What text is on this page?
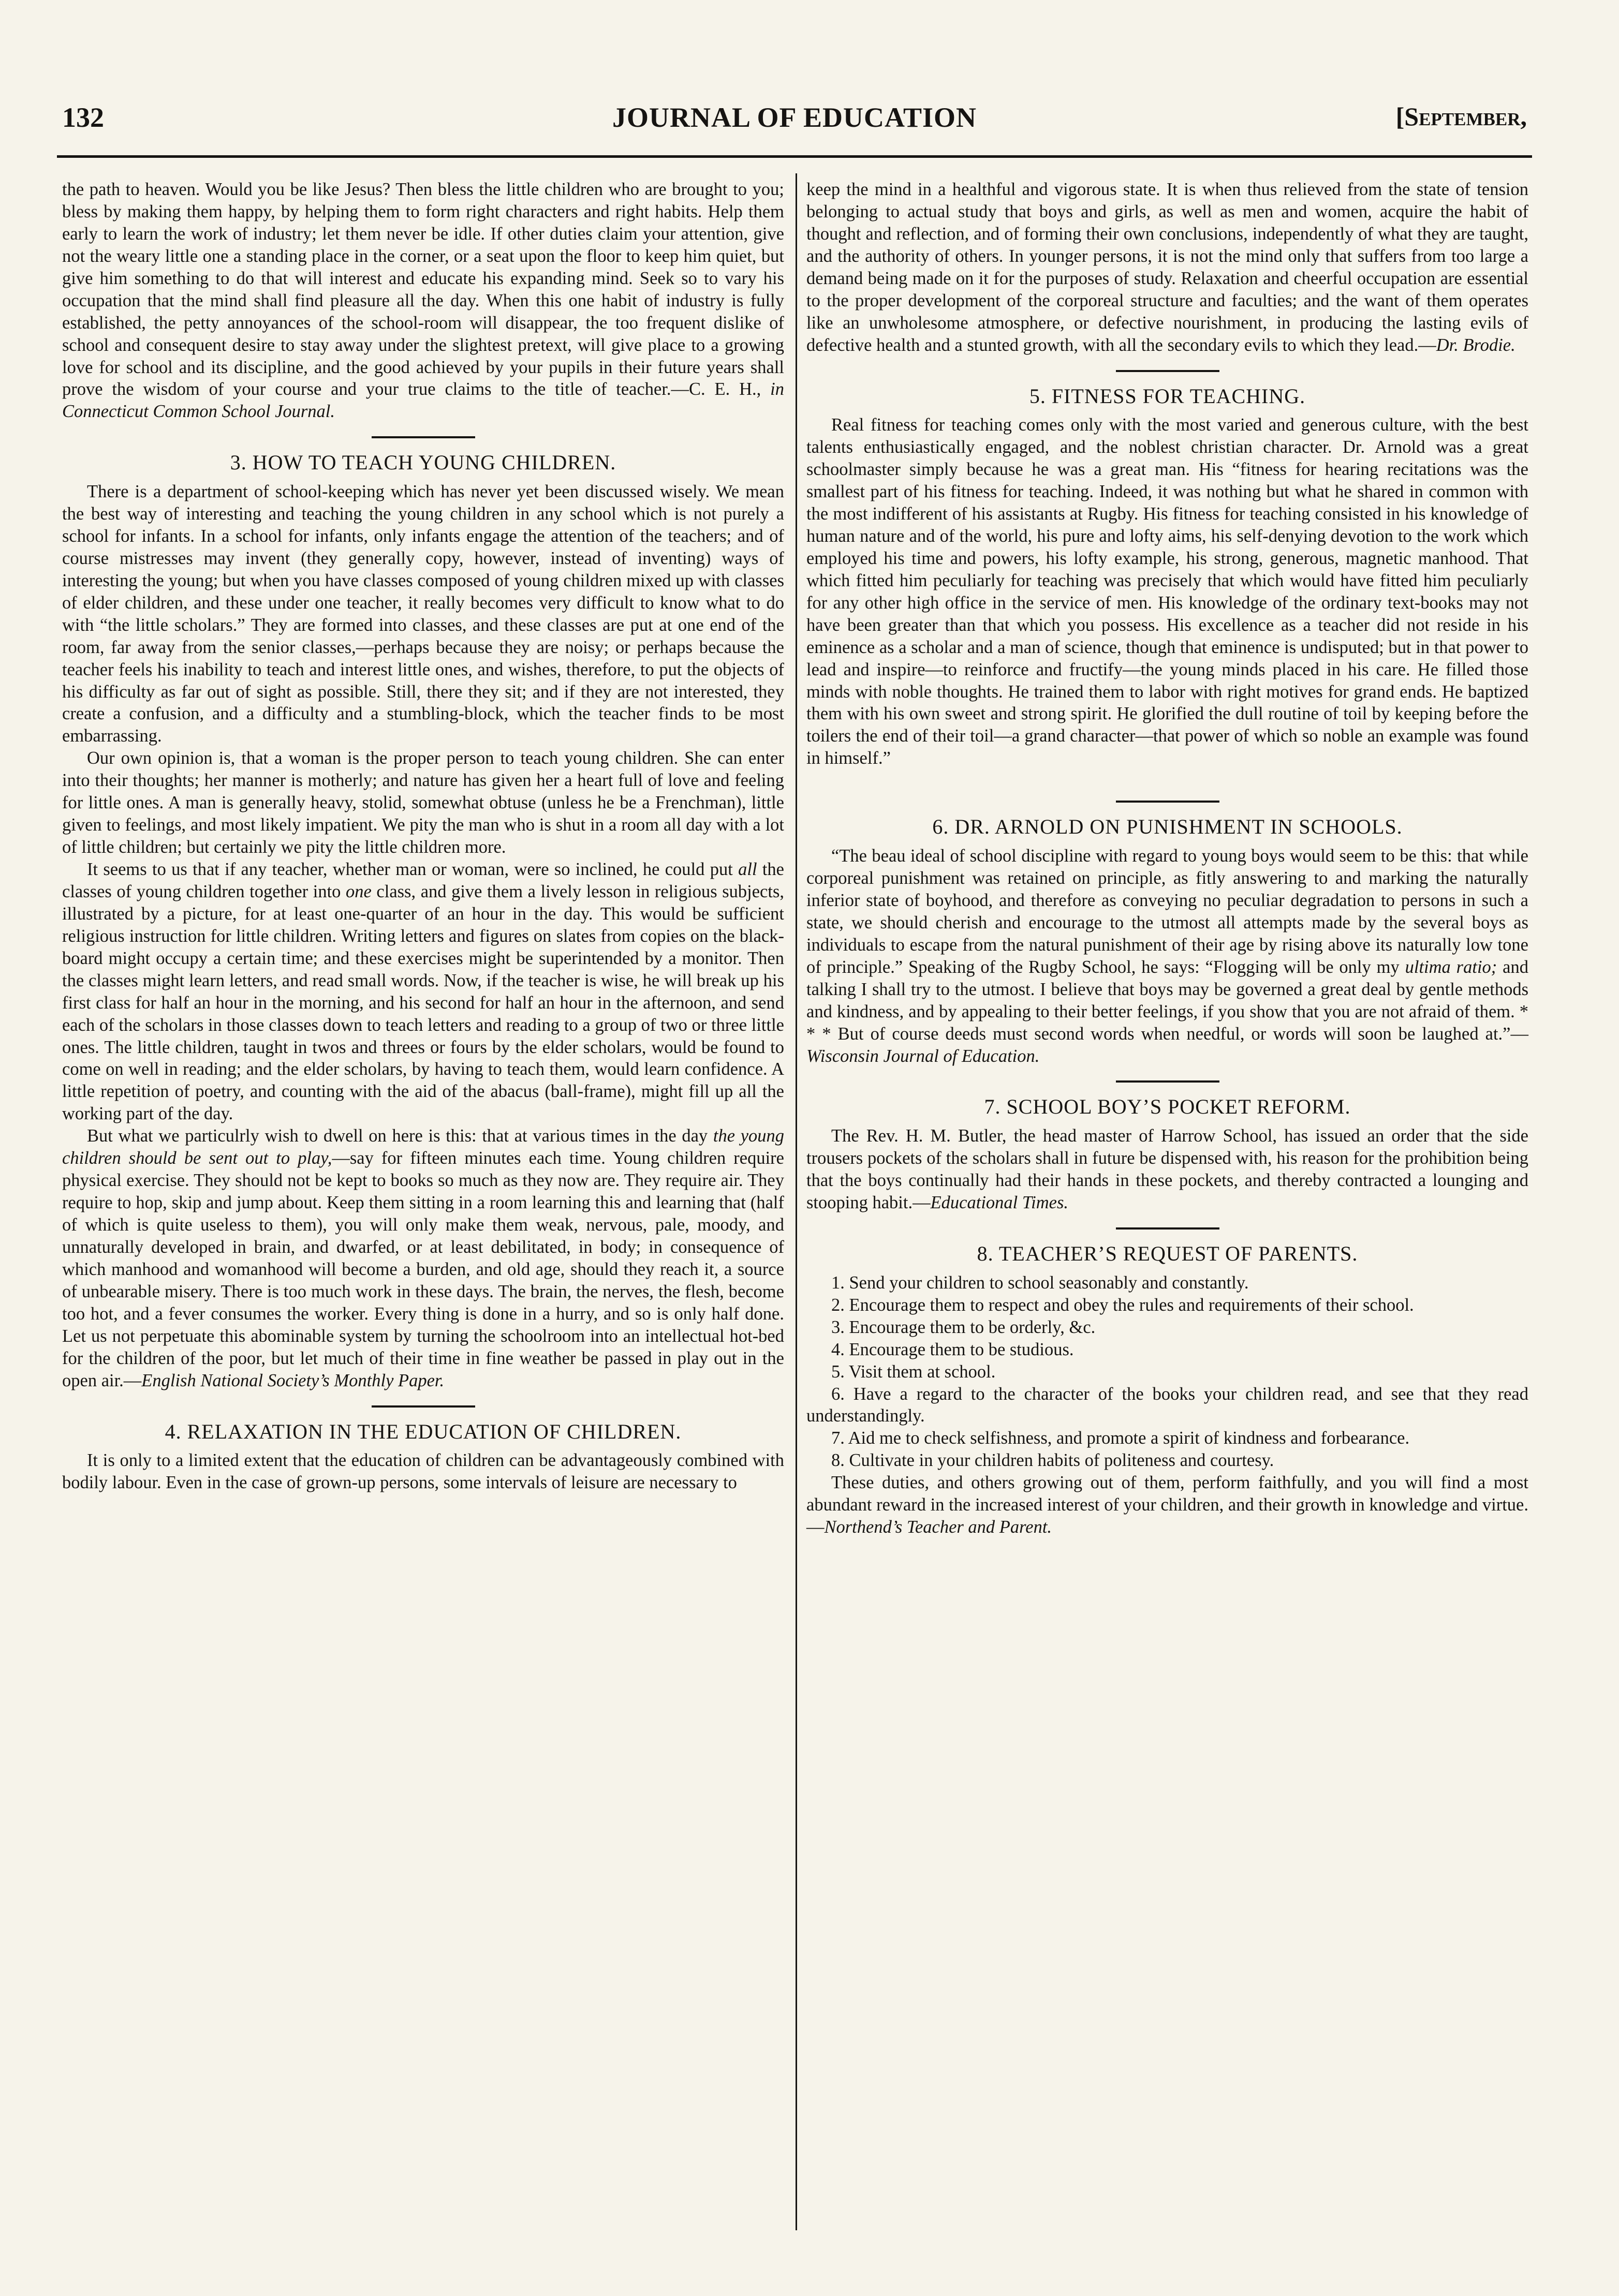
132	JOURNAL OF EDUCATION	[September,

the path to heaven. Would you be like Jesus? Then bless the little children who are brought to you; bless by making them happy, by helping them to form right characters and right habits. Help them early to learn the work of industry; let them never be idle. If other duties claim your attention, give not the weary little one a standing place in the corner, or a seat upon the floor to keep him quiet, but give him something to do that will interest and educate his expanding mind. Seek so to vary his occupation that the mind shall find pleasure all the day. When this one habit of industry is fully established, the petty annoyances of the school-room will disappear, the too frequent dislike of school and consequent desire to stay away under the slightest pretext, will give place to a growing love for school and its discipline, and the good achieved by your pupils in their future years shall prove the wisdom of your course and your true claims to the title of teacher.—C. E. H., in Connecticut Common School Journal.

3. HOW TO TEACH YOUNG CHILDREN.

There is a department of school-keeping which has never yet been discussed wisely. We mean the best way of interesting and teaching the young children in any school which is not purely a school for infants. In a school for infants, only infants engage the attention of the teachers; and of course mistresses may invent (they generally copy, however, instead of inventing) ways of interesting the young; but when you have classes composed of young children mixed up with classes of elder children, and these under one teacher, it really becomes very difficult to know what to do with “the little scholars.” They are formed into classes, and these classes are put at one end of the room, far away from the senior classes,—perhaps because they are noisy; or perhaps because the teacher feels his inability to teach and interest little ones, and wishes, therefore, to put the objects of his difficulty as far out of sight as possible. Still, there they sit; and if they are not interested, they create a confusion, and a difficulty and a stumbling-block, which the teacher finds to be most embarrassing.

Our own opinion is, that a woman is the proper person to teach young children. She can enter into their thoughts; her manner is motherly; and nature has given her a heart full of love and feeling for little ones. A man is generally heavy, stolid, somewhat obtuse (unless he be a Frenchman), little given to feelings, and most likely impatient. We pity the man who is shut in a room all day with a lot of little children; but certainly we pity the little children more.

It seems to us that if any teacher, whether man or woman, were so inclined, he could put all the classes of young children together into one class, and give them a lively lesson in religious subjects, illustrated by a picture, for at least one-quarter of an hour in the day. This would be sufficient religious instruction for little children. Writing letters and figures on slates from copies on the black-board might occupy a certain time; and these exercises might be superintended by a monitor. Then the classes might learn letters, and read small words. Now, if the teacher is wise, he will break up his first class for half an hour in the morning, and his second for half an hour in the afternoon, and send each of the scholars in those classes down to teach letters and reading to a group of two or three little ones. The little children, taught in twos and threes or fours by the elder scholars, would be found to come on well in reading; and the elder scholars, by having to teach them, would learn confidence. A little repetition of poetry, and counting with the aid of the abacus (ball-frame), might fill up all the working part of the day.

But what we particulrly wish to dwell on here is this: that at various times in the day the young children should be sent out to play,—say for fifteen minutes each time. Young children require physical exercise. They should not be kept to books so much as they now are. They require air. They require to hop, skip and jump about. Keep them sitting in a room learning this and learning that (half of which is quite useless to them), you will only make them weak, nervous, pale, moody, and unnaturally developed in brain, and dwarfed, or at least debilitated, in body; in consequence of which manhood and womanhood will become a burden, and old age, should they reach it, a source of unbearable misery. There is too much work in these days. The brain, the nerves, the flesh, become too hot, and a fever consumes the worker. Every thing is done in a hurry, and so is only half done. Let us not perpetuate this abominable system by turning the schoolroom into an intellectual hot-bed for the children of the poor, but let much of their time in fine weather be passed in play out in the open air.—English National Society’s Monthly Paper.

4. RELAXATION IN THE EDUCATION OF CHILDREN.

It is only to a limited extent that the education of children can be advantageously combined with bodily labour. Even in the case of grown-up persons, some intervals of leisure are necessary to

keep the mind in a healthful and vigorous state. It is when thus relieved from the state of tension belonging to actual study that boys and girls, as well as men and women, acquire the habit of thought and reflection, and of forming their own conclusions, independently of what they are taught, and the authority of others. In younger persons, it is not the mind only that suffers from too large a demand being made on it for the purposes of study. Relaxation and cheerful occupation are essential to the proper development of the corporeal structure and faculties; and the want of them operates like an unwholesome atmosphere, or defective nourishment, in producing the lasting evils of defective health and a stunted growth, with all the secondary evils to which they lead.—Dr. Brodie.

5. FITNESS FOR TEACHING.

Real fitness for teaching comes only with the most varied and generous culture, with the best talents enthusiastically engaged, and the noblest christian character. Dr. Arnold was a great schoolmaster simply because he was a great man. His “fitness for hearing recitations was the smallest part of his fitness for teaching. Indeed, it was nothing but what he shared in common with the most indifferent of his assistants at Rugby. His fitness for teaching consisted in his knowledge of human nature and of the world, his pure and lofty aims, his self-denying devotion to the work which employed his time and powers, his lofty example, his strong, generous, magnetic manhood. That which fitted him peculiarly for teaching was precisely that which would have fitted him peculiarly for any other high office in the service of men. His knowledge of the ordinary text-books may not have been greater than that which you possess. His excellence as a teacher did not reside in his eminence as a scholar and a man of science, though that eminence is undisputed; but in that power to lead and inspire—to reinforce and fructify—the young minds placed in his care. He filled those minds with noble thoughts. He trained them to labor with right motives for grand ends. He baptized them with his own sweet and strong spirit. He glorified the dull routine of toil by keeping before the toilers the end of their toil—a grand character—that power of which so noble an example was found in himself.”

6. DR. ARNOLD ON PUNISHMENT IN SCHOOLS.

“The beau ideal of school discipline with regard to young boys would seem to be this: that while corporeal punishment was retained on principle, as fitly answering to and marking the naturally inferior state of boyhood, and therefore as conveying no peculiar degradation to persons in such a state, we should cherish and encourage to the utmost all attempts made by the several boys as individuals to escape from the natural punishment of their age by rising above its naturally low tone of principle.” Speaking of the Rugby School, he says: “Flogging will be only my ultima ratio; and talking I shall try to the utmost. I believe that boys may be governed a great deal by gentle methods and kindness, and by appealing to their better feelings, if you show that you are not afraid of them. * * * But of course deeds must second words when needful, or words will soon be laughed at.”—Wisconsin Journal of Education.

7. SCHOOL BOY’S POCKET REFORM.

The Rev. H. M. Butler, the head master of Harrow School, has issued an order that the side trousers pockets of the scholars shall in future be dispensed with, his reason for the prohibition being that the boys continually had their hands in these pockets, and thereby contracted a lounging and stooping habit.—Educational Times.

8. TEACHER’S REQUEST OF PARENTS.

1. Send your children to school seasonably and constantly.

2. Encourage them to respect and obey the rules and requirements of their school.

3. Encourage them to be orderly, &c.

4. Encourage them to be studious.

5. Visit them at school.

6. Have a regard to the character of the books your children read, and see that they read understandingly.

7. Aid me to check selfishness, and promote a spirit of kindness and forbearance.

8. Cultivate in your children habits of politeness and courtesy.

These duties, and others growing out of them, perform faithfully, and you will find a most abundant reward in the increased interest of your children, and their growth in knowledge and virtue.—Northend’s Teacher and Parent.
